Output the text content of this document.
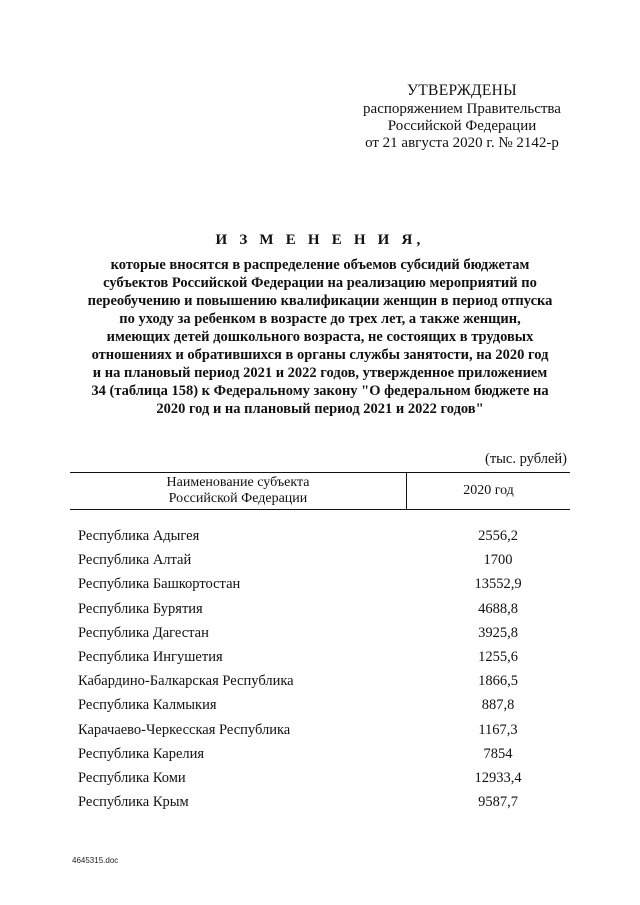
УТВЕРЖДЕНЫ
распоряжением Правительства
Российской Федерации
от 21 августа 2020 г. № 2142-р
И З М Е Н Е Н И Я,
которые вносятся в распределение объемов субсидий бюджетам
субъектов Российской Федерации на реализацию мероприятий по
переобучению и повышению квалификации женщин в период отпуска
по уходу за ребенком в возрасте до трех лет, а также женщин,
имеющих детей дошкольного возраста, не состоящих в трудовых
отношениях и обратившихся в органы службы занятости, на 2020 год
и на плановый период 2021 и 2022 годов, утвержденное приложением
34 (таблица 158) к Федеральному закону "О федеральном бюджете на
2020 год и на плановый период 2021 и 2022 годов"
(тыс. рублей)
Наименование субъекта
Российской Федерации
2020 год
Республика Адыгея	2556,2
Республика Алтай	1700
Республика Башкортостан	13552,9
Республика Бурятия	4688,8
Республика Дагестан	3925,8
Республика Ингушетия	1255,6
Кабардино-Балкарская Республика	1866,5
Республика Калмыкия	887,8
Карачаево-Черкесская Республика	1167,3
Республика Карелия	7854
Республика Коми	12933,4
Республика Крым	9587,7
4645315.doc
